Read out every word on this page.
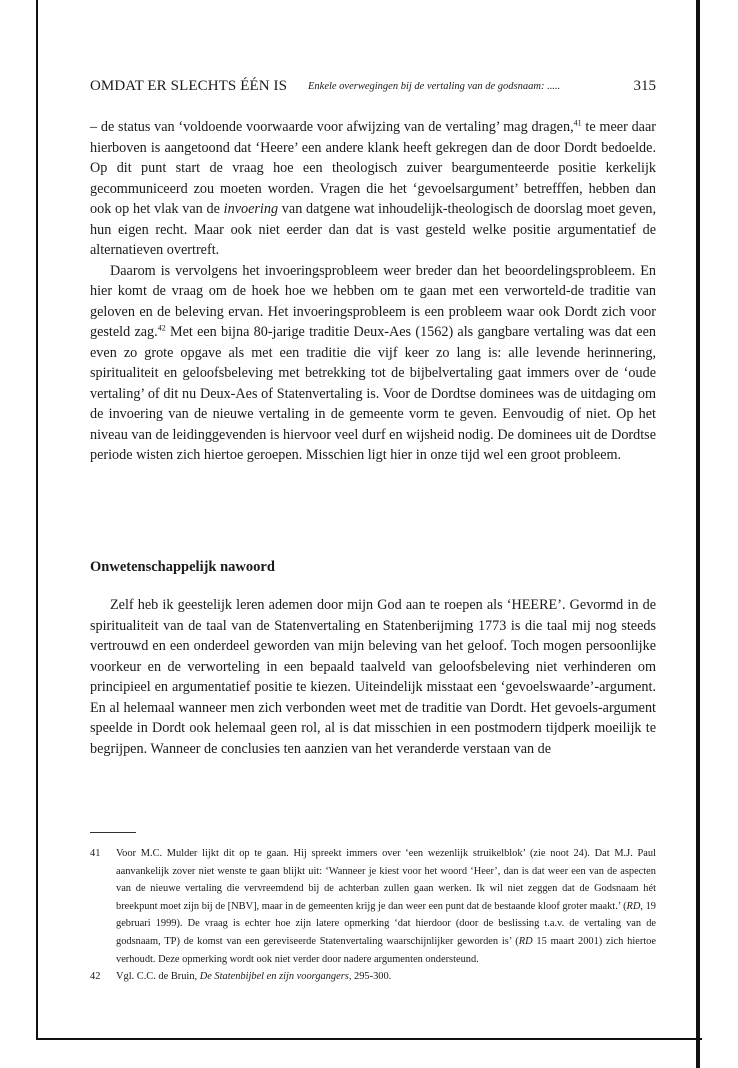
OMDAT ER SLECHTS ÉÉN IS Enkele overwegingen bij de vertaling van de godsnaam: .....	315

– de status van ‘voldoende voorwaarde voor afwijzing van de vertaling’ mag dragen,$^{41}$ te meer daar hierboven is aangetoond dat ‘Heere’ een andere klank heeft gekregen dan de door Dordt bedoelde. Op dit punt start de vraag hoe een theologisch zuiver beargumenteerde positie kerkelijk gecommuniceerd zou moeten worden. Vragen die het ‘gevoelsargument’ betrefffen, hebben dan ook op het vlak van de invoering van datgene wat inhoudelijk-theologisch de doorslag moet geven, hun eigen recht. Maar ook niet eerder dan dat is vast gesteld welke positie argumentatief de alternatieven overtreft.

Daarom is vervolgens het invoeringsprobleem weer breder dan het beoordelingsprobleem. En hier komt de vraag om de hoek hoe we hebben om te gaan met een verworteld-de traditie van geloven en de beleving ervan. Het invoeringsprobleem is een probleem waar ook Dordt zich voor gesteld zag.$^{42}$ Met een bijna 80-jarige traditie Deux-Aes (1562) als gangbare vertaling was dat een even zo grote opgave als met een traditie die vijf keer zo lang is: alle levende herinnering, spiritualiteit en geloofsbeleving met betrekking tot de bijbelvertaling gaat immers over de ‘oude vertaling’ of dit nu Deux-Aes of Statenvertaling is. Voor de Dordtse dominees was de uitdaging om de invoering van de nieuwe vertaling in de gemeente vorm te geven. Eenvoudig of niet. Op het niveau van de leidinggevenden is hiervoor veel durf en wijsheid nodig. De dominees uit de Dordtse periode wisten zich hiertoe geroepen. Misschien ligt hier in onze tijd wel een groot probleem.

Onwetenschappelijk nawoord

Zelf heb ik geestelijk leren ademen door mijn God aan te roepen als ‘HEERE’. Gevormd in de spiritualiteit van de taal van de Statenvertaling en Statenberijming 1773 is die taal mij nog steeds vertrouwd en een onderdeel geworden van mijn beleving van het geloof. Toch mogen persoonlijke voorkeur en de verworteling in een bepaald taalveld van geloofsbeleving niet verhinderen om principieel en argumentatief positie te kiezen. Uiteindelijk misstaat een ‘gevoelswaarde’-argument. En al helemaal wanneer men zich verbonden weet met de traditie van Dordt. Het gevoels-argument speelde in Dordt ook helemaal geen rol, al is dat misschien in een postmodern tijdperk moeilijk te begrijpen. Wanneer de conclusies ten aanzien van het veranderde verstaan van de

41	Voor M.C. Mulder lijkt dit op te gaan. Hij spreekt immers over ‘een wezenlijk struikelblok’ (zie noot 24). Dat M.J. Paul aanvankelijk zover niet wenste te gaan blijkt uit: ‘Wanneer je kiest voor het woord ‘Heer’, dan is dat weer een van de aspecten van de nieuwe vertaling die vervreemdend bij de achterban zullen gaan werken. Ik wil niet zeggen dat de Godsnaam hét breekpunt moet zijn bij de [NBV], maar in de gemeenten krijg je dan weer een punt dat de bestaande kloof groter maakt.’ (RD, 19 gebruari 1999). De vraag is echter hoe zijn latere opmerking ‘dat hierdoor (door de beslissing t.a.v. de vertaling van de godsnaam, TP) de komst van een gereviseerde Statenvertaling waarschijnlijker geworden is’ (RD 15 maart 2001) zich hiertoe verhoudt. Deze opmerking wordt ook niet verder door nadere argumenten ondersteund.
42	Vgl. C.C. de Bruin, De Statenbijbel en zijn voorgangers, 295-300.
